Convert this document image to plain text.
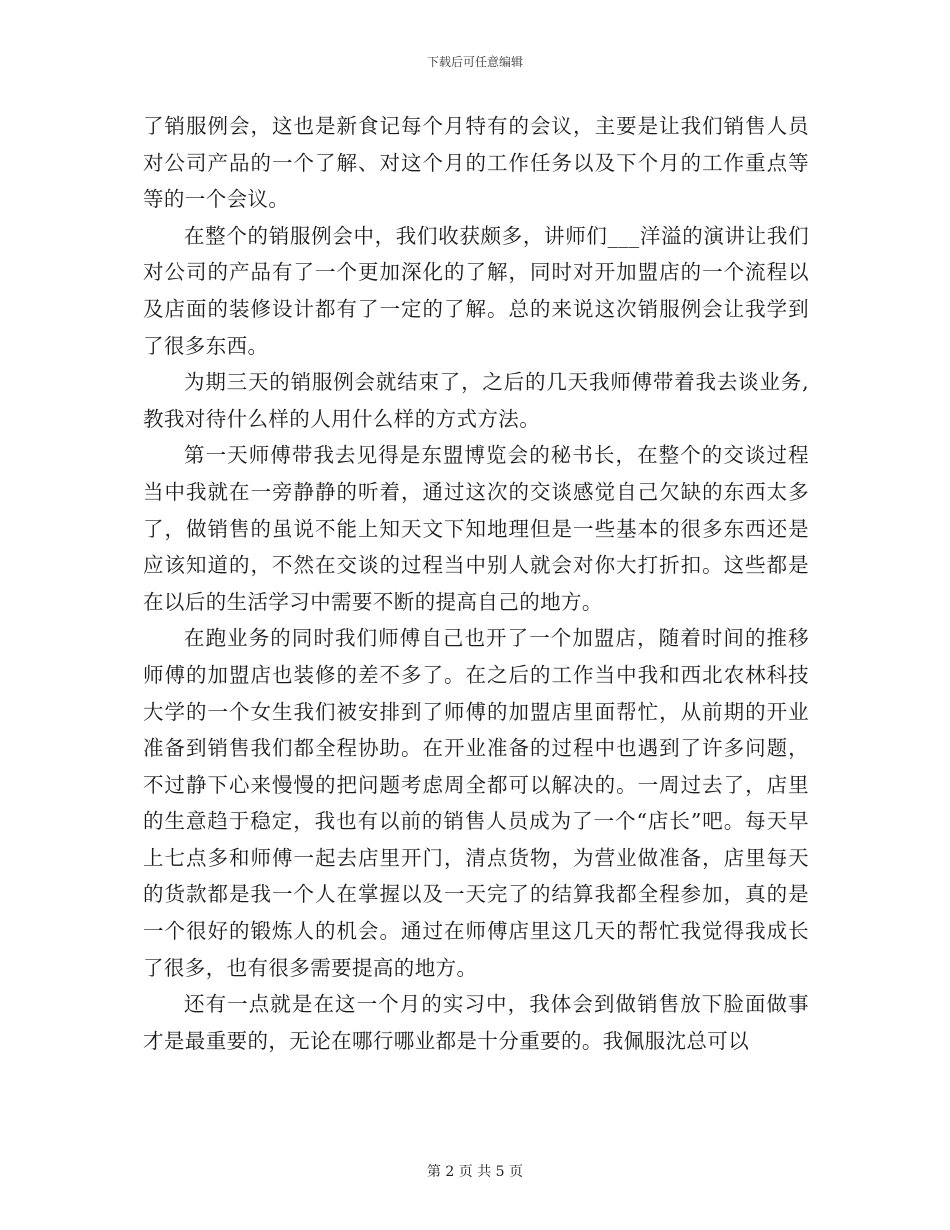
下载后可任意编辑

了销服例会，这也是新食记每个月特有的会议，主要是让我们销售人员对公司产品的一个了解、对这个月的工作任务以及下个月的工作重点等等的一个会议。

在整个的销服例会中，我们收获颇多，讲师们___洋溢的演讲让我们对公司的产品有了一个更加深化的了解，同时对开加盟店的一个流程以及店面的装修设计都有了一定的了解。总的来说这次销服例会让我学到了很多东西。

为期三天的销服例会就结束了，之后的几天我师傅带着我去谈业务,教我对待什么样的人用什么样的方式方法。

第一天师傅带我去见得是东盟博览会的秘书长，在整个的交谈过程当中我就在一旁静静的听着，通过这次的交谈感觉自己欠缺的东西太多了，做销售的虽说不能上知天文下知地理但是一些基本的很多东西还是应该知道的，不然在交谈的过程当中别人就会对你大打折扣。这些都是在以后的生活学习中需要不断的提高自己的地方。

在跑业务的同时我们师傅自己也开了一个加盟店，随着时间的推移师傅的加盟店也装修的差不多了。在之后的工作当中我和西北农林科技大学的一个女生我们被安排到了师傅的加盟店里面帮忙，从前期的开业准备到销售我们都全程协助。在开业准备的过程中也遇到了许多问题，不过静下心来慢慢的把问题考虑周全都可以解决的。一周过去了，店里的生意趋于稳定，我也有以前的销售人员成为了一个“店长”吧。每天早上七点多和师傅一起去店里开门，清点货物，为营业做准备，店里每天的货款都是我一个人在掌握以及一天完了的结算我都全程参加，真的是一个很好的锻炼人的机会。通过在师傅店里这几天的帮忙我觉得我成长了很多，也有很多需要提高的地方。

还有一点就是在这一个月的实习中，我体会到做销售放下脸面做事才是最重要的，无论在哪行哪业都是十分重要的。我佩服沈总可以

第 2 页 共 5 页
